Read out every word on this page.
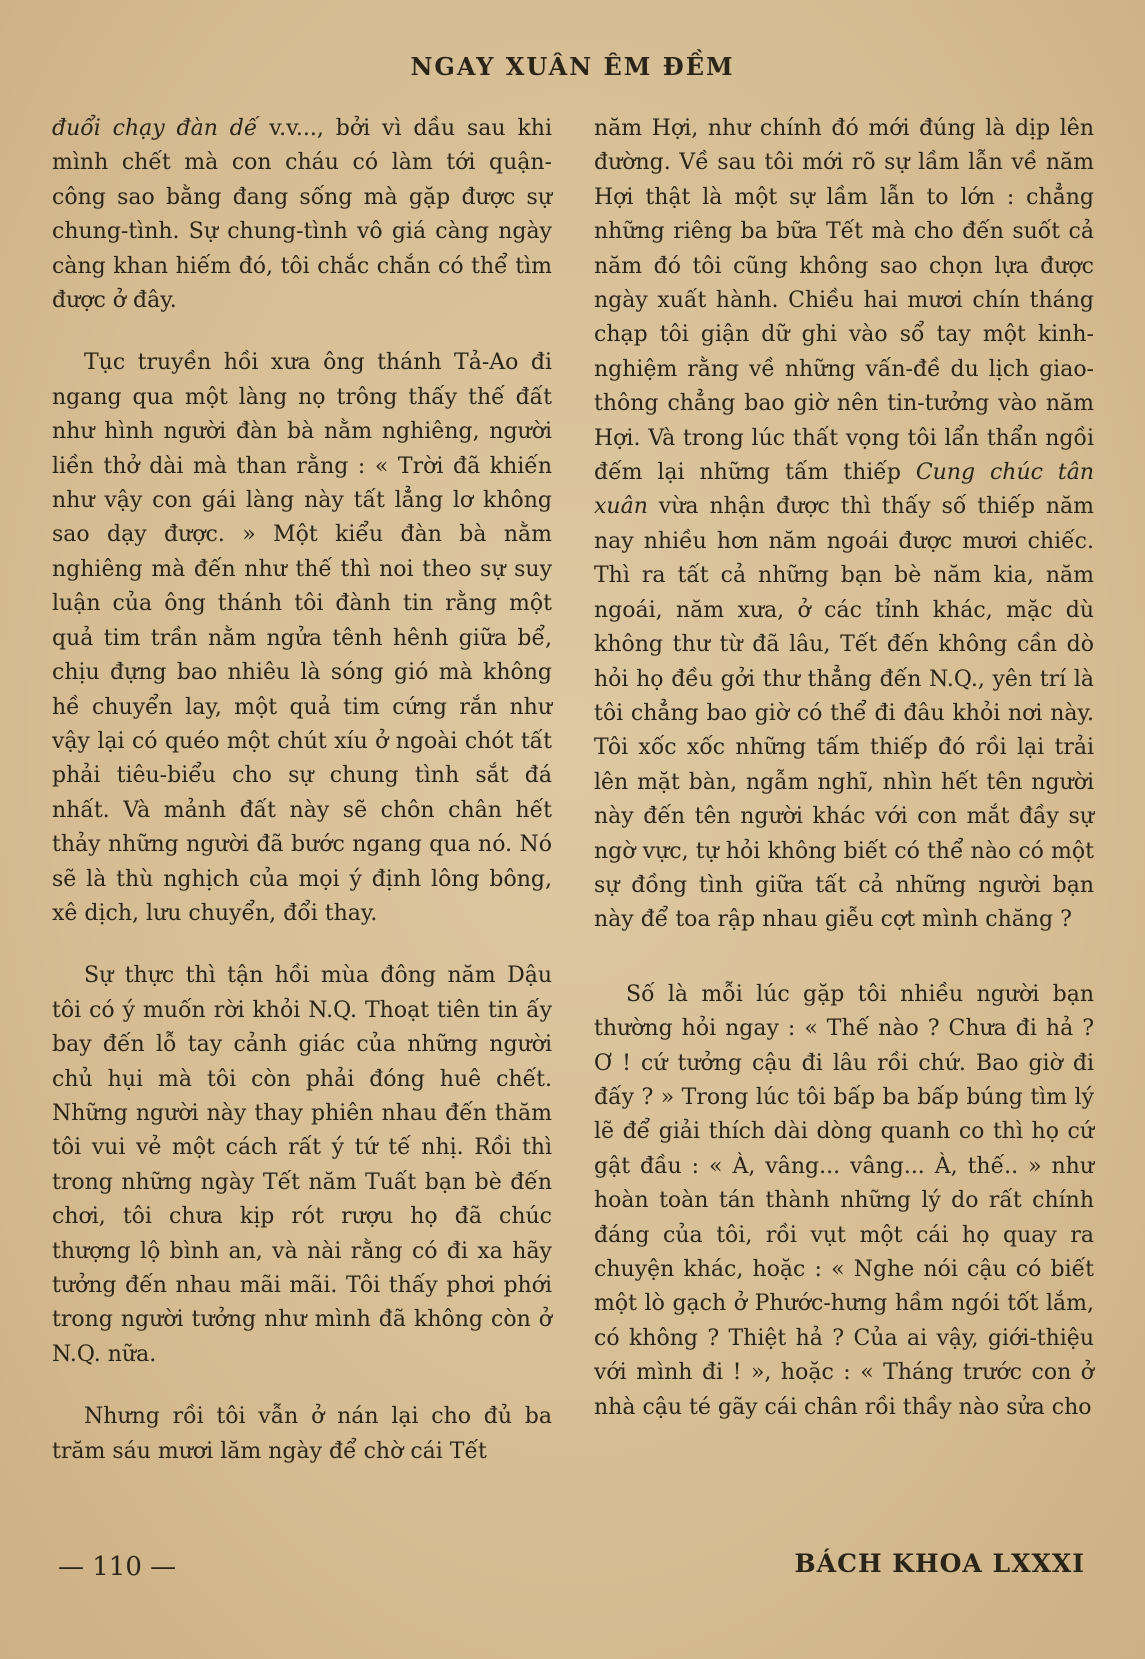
NGAY XUÂN ÊM ĐỀM

đuổi chạy đàn dế v.v..., bởi vì dầu sau khi mình chết mà con cháu có làm tới quận-công sao bằng đang sống mà gặp được sự chung-tình. Sự chung-tình vô giá càng ngày càng khan hiếm đó, tôi chắc chắn có thể tìm được ở đây.

Tục truyền hồi xưa ông thánh Tả-Ao đi ngang qua một làng nọ trông thấy thế đất như hình người đàn bà nằm nghiêng, người liền thở dài mà than rằng : « Trời đã khiến như vậy con gái làng này tất lẳng lơ không sao dạy được. » Một kiểu đàn bà nằm nghiêng mà đến như thế thì noi theo sự suy luận của ông thánh tôi đành tin rằng một quả tim trần nằm ngửa tênh hênh giữa bể, chịu đựng bao nhiêu là sóng gió mà không hề chuyển lay, một quả tim cứng rắn như vậy lại có quéo một chút xíu ở ngoài chót tất phải tiêu-biểu cho sự chung tình sắt đá nhất. Và mảnh đất này sẽ chôn chân hết thảy những người đã bước ngang qua nó. Nó sẽ là thù nghịch của mọi ý định lông bông, xê dịch, lưu chuyển, đổi thay.

Sự thực thì tận hồi mùa đông năm Dậu tôi có ý muốn rời khỏi N.Q. Thoạt tiên tin ấy bay đến lỗ tay cảnh giác của những người chủ hụi mà tôi còn phải đóng huê chết. Những người này thay phiên nhau đến thăm tôi vui vẻ một cách rất ý tứ tế nhị. Rồi thì trong những ngày Tết năm Tuất bạn bè đến chơi, tôi chưa kịp rót rượu họ đã chúc thượng lộ bình an, và nài rằng có đi xa hãy tưởng đến nhau mãi mãi. Tôi thấy phơi phới trong người tưởng như mình đã không còn ở N.Q. nữa.

Nhưng rồi tôi vẫn ở nán lại cho đủ ba trăm sáu mươi lăm ngày để chờ cái Tết

năm Hợi, như chính đó mới đúng là dịp lên đường. Về sau tôi mới rõ sự lầm lẫn về năm Hợi thật là một sự lầm lẫn to lớn : chẳng những riêng ba bữa Tết mà cho đến suốt cả năm đó tôi cũng không sao chọn lựa được ngày xuất hành. Chiều hai mươi chín tháng chạp tôi giận dữ ghi vào sổ tay một kinh-nghiệm rằng về những vấn-đề du lịch giao-thông chẳng bao giờ nên tin-tưởng vào năm Hợi. Và trong lúc thất vọng tôi lẩn thẩn ngồi đếm lại những tấm thiếp Cung chúc tân xuân vừa nhận được thì thấy số thiếp năm nay nhiều hơn năm ngoái được mươi chiếc. Thì ra tất cả những bạn bè năm kia, năm ngoái, năm xưa, ở các tỉnh khác, mặc dù không thư từ đã lâu, Tết đến không cần dò hỏi họ đều gởi thư thẳng đến N.Q., yên trí là tôi chẳng bao giờ có thể đi đâu khỏi nơi này. Tôi xốc xốc những tấm thiếp đó rồi lại trải lên mặt bàn, ngẫm nghĩ, nhìn hết tên người này đến tên người khác với con mắt đầy sự ngờ vực, tự hỏi không biết có thể nào có một sự đồng tình giữa tất cả những người bạn này để toa rập nhau giễu cợt mình chăng ?

Số là mỗi lúc gặp tôi nhiều người bạn thường hỏi ngay : « Thế nào ? Chưa đi hả ? Ơ ! cứ tưởng cậu đi lâu rồi chứ. Bao giờ đi đấy ? » Trong lúc tôi bấp ba bấp búng tìm lý lẽ để giải thích dài dòng quanh co thì họ cứ gật đầu : « À, vâng... vâng... À, thế.. » như hoàn toàn tán thành những lý do rất chính đáng của tôi, rồi vụt một cái họ quay ra chuyện khác, hoặc : « Nghe nói cậu có biết một lò gạch ở Phước-hưng hầm ngói tốt lắm, có không ? Thiệt hả ? Của ai vậy, giới-thiệu với mình đi ! », hoặc : « Tháng trước con ở nhà cậu té gãy cái chân rồi thầy nào sửa cho

— 110 —	BÁCH KHOA LXXXI
